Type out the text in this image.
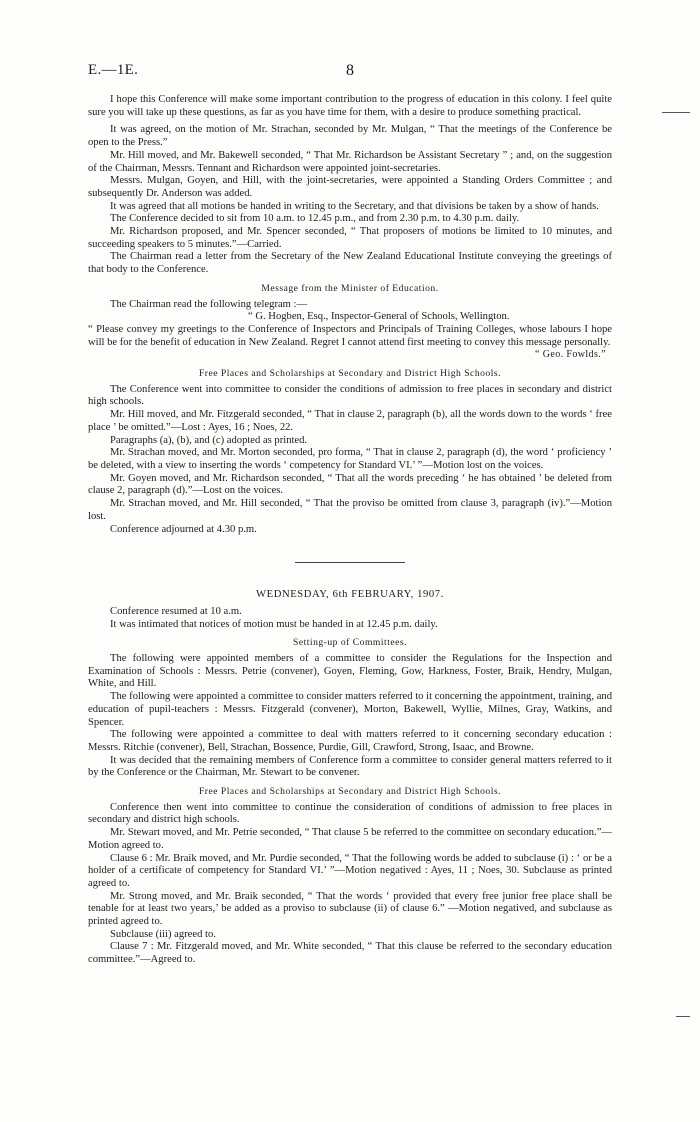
E.—1E.	8

I hope this Conference will make some important contribution to the progress of education in this colony. I feel quite sure you will take up these questions, as far as you have time for them, with a desire to produce something practical.

It was agreed, on the motion of Mr. Strachan, seconded by Mr. Mulgan, “ That the meetings of the Conference be open to the Press.”

Mr. Hill moved, and Mr. Bakewell seconded, “ That Mr. Richardson be Assistant Secretary ” ; and, on the suggestion of the Chairman, Messrs. Tennant and Richardson were appointed joint-secretaries.

Messrs. Mulgan, Goyen, and Hill, with the joint-secretaries, were appointed a Standing Orders Committee ; and subsequently Dr. Anderson was added.

It was agreed that all motions be handed in writing to the Secretary, and that divisions be taken by a show of hands.

The Conference decided to sit from 10 a.m. to 12.45 p.m., and from 2.30 p.m. to 4.30 p.m. daily.

Mr. Richardson proposed, and Mr. Spencer seconded, “ That proposers of motions be limited to 10 minutes, and succeeding speakers to 5 minutes.”—Carried.

The Chairman read a letter from the Secretary of the New Zealand Educational Institute conveying the greetings of that body to the Conference.

Message from the Minister of Education.

The Chairman read the following telegram :—

“ G. Hogben, Esq., Inspector-General of Schools, Wellington.

“ Please convey my greetings to the Conference of Inspectors and Principals of Training Colleges, whose labours I hope will be for the benefit of education in New Zealand. Regret I cannot attend first meeting to convey this message personally.

“ Geo. Fowlds.”

Free Places and Scholarships at Secondary and District High Schools.

The Conference went into committee to consider the conditions of admission to free places in secondary and district high schools.

Mr. Hill moved, and Mr. Fitzgerald seconded, “ That in clause 2, paragraph (b), all the words down to the words ‘ free place ’ be omitted.”—Lost : Ayes, 16 ; Noes, 22.

Paragraphs (a), (b), and (c) adopted as printed.

Mr. Strachan moved, and Mr. Morton seconded, pro forma, “ That in clause 2, paragraph (d), the word ‘ proficiency ’ be deleted, with a view to inserting the words ‘ competency for Standard VI.’ ”—Motion lost on the voices.

Mr. Goyen moved, and Mr. Richardson seconded, “ That all the words preceding ‘ he has obtained ’ be deleted from clause 2, paragraph (d).”—Lost on the voices.

Mr. Strachan moved, and Mr. Hill seconded, “ That the proviso be omitted from clause 3, paragraph (iv).”—Motion lost.

Conference adjourned at 4.30 p.m.

WEDNESDAY, 6th FEBRUARY, 1907.

Conference resumed at 10 a.m.

It was intimated that notices of motion must be handed in at 12.45 p.m. daily.

Setting-up of Committees.

The following were appointed members of a committee to consider the Regulations for the Inspection and Examination of Schools : Messrs. Petrie (convener), Goyen, Fleming, Gow, Harkness, Foster, Braik, Hendry, Mulgan, White, and Hill.

The following were appointed a committee to consider matters referred to it concerning the appointment, training, and education of pupil-teachers : Messrs. Fitzgerald (convener), Morton, Bakewell, Wyllie, Milnes, Gray, Watkins, and Spencer.

The following were appointed a committee to deal with matters referred to it concerning secondary education : Messrs. Ritchie (convener), Bell, Strachan, Bossence, Purdie, Gill, Crawford, Strong, Isaac, and Browne.

It was decided that the remaining members of Conference form a committee to consider general matters referred to it by the Conference or the Chairman, Mr. Stewart to be convener.

Free Places and Scholarships at Secondary and District High Schools.

Conference then went into committee to continue the consideration of conditions of admission to free places in secondary and district high schools.

Mr. Stewart moved, and Mr. Petrie seconded, “ That clause 5 be referred to the committee on secondary education.”—Motion agreed to.

Clause 6 : Mr. Braik moved, and Mr. Purdie seconded, “ That the following words be added to subclause (i) : ‘ or be a holder of a certificate of competency for Standard VI.’ ”—Motion negatived : Ayes, 11 ; Noes, 30. Subclause as printed agreed to.

Mr. Strong moved, and Mr. Braik seconded, “ That the words ‘ provided that every free junior free place shall be tenable for at least two years,’ be added as a proviso to subclause (ii) of clause 6.” —Motion negatived, and subclause as printed agreed to.

Subclause (iii) agreed to.

Clause 7 : Mr. Fitzgerald moved, and Mr. White seconded, “ That this clause be referred to the secondary education committee.”—Agreed to.
